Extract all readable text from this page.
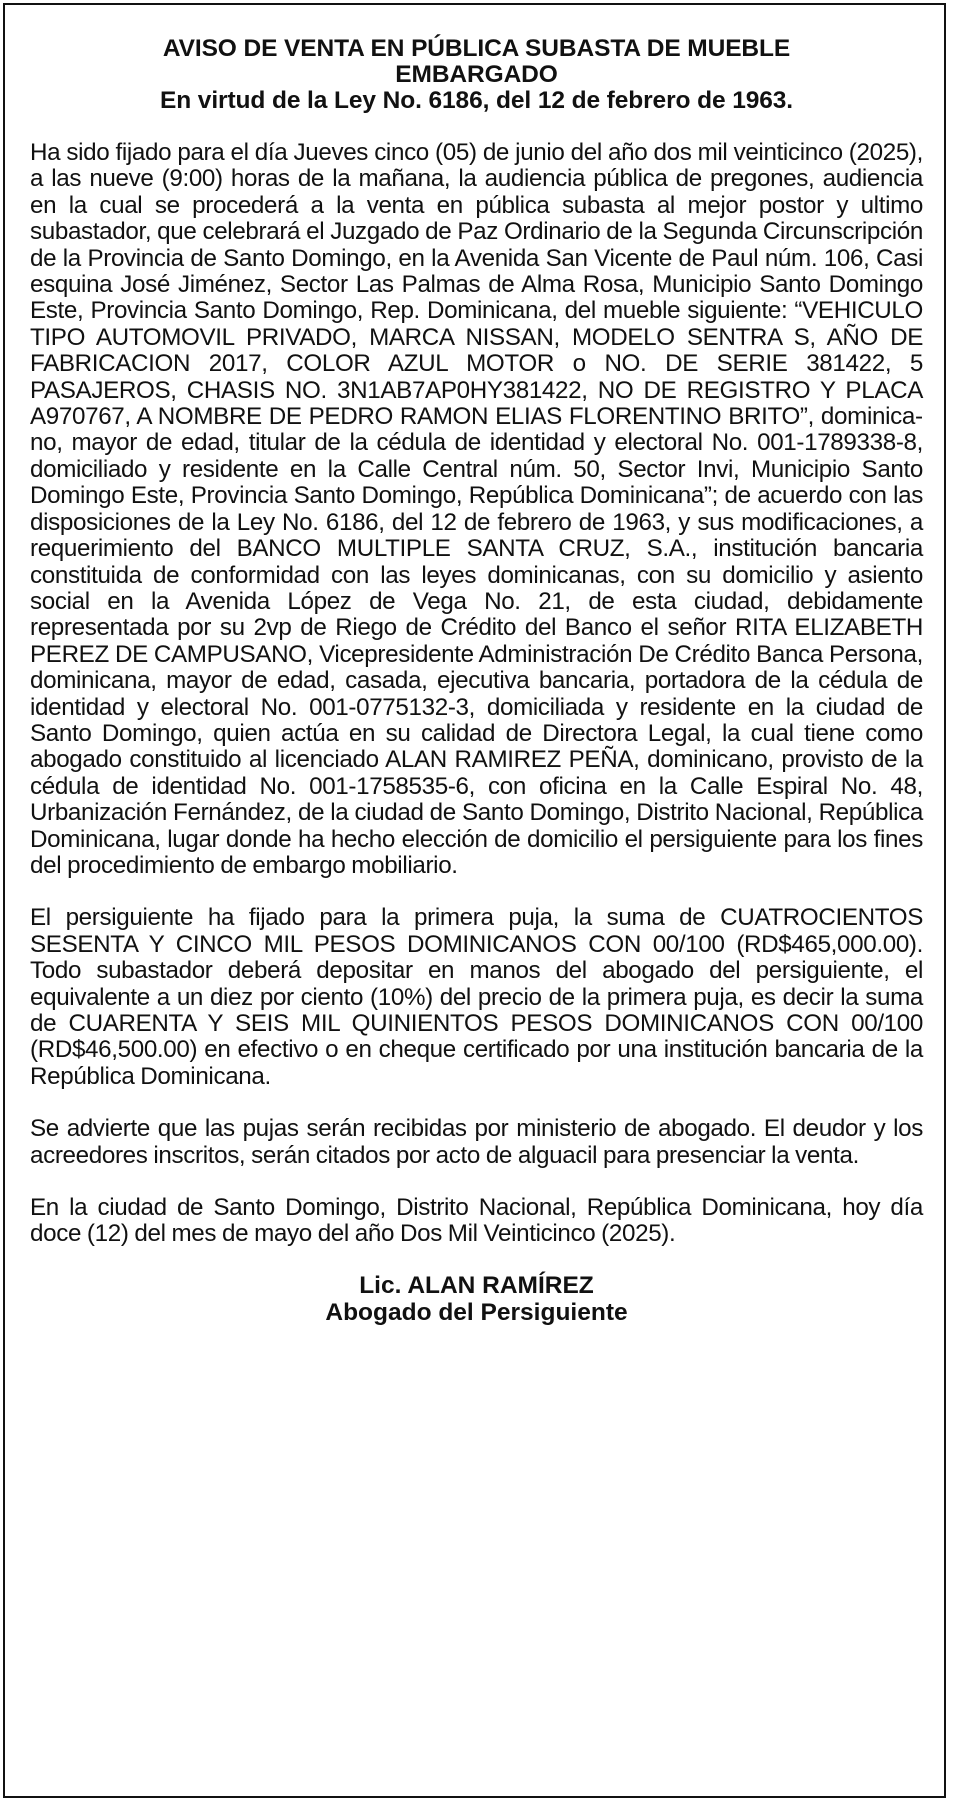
AVISO DE VENTA EN PÚBLICA SUBASTA DE MUEBLE
EMBARGADO
En virtud de la Ley No. 6186, del 12 de febrero de 1963.

Ha sido fijado para el día Jueves cinco (05) de junio del año dos mil veinticinco (2025), a las nueve (9:00) horas de la mañana, la audiencia pública de pregones, audiencia en la cual se procederá a la venta en pública subasta al mejor postor y ultimo subastador, que celebrará el Juzgado de Paz Ordinario de la Segunda Circunscripción de la Provincia de Santo Domingo, en la Avenida San Vicente de Paul núm. 106, Casi esquina José Jiménez, Sector Las Palmas de Alma Rosa, Municipio Santo Domingo Este, Provincia Santo Domingo, Rep. Dominicana, del mueble siguiente: “VEHICULO TIPO AUTOMOVIL PRIVADO, MARCA NISSAN, MODELO SENTRA S, AÑO DE FABRICACION 2017, COLOR AZUL MOTOR o NO. DE SERIE 381422, 5 PASAJEROS, CHASIS NO. 3N1AB7AP0HY381422, NO DE REGISTRO Y PLACA A970767, A NOMBRE DE PEDRO RAMON ELIAS FLORENTINO BRITO”, dominicano, mayor de edad, titular de la cédula de identidad y electoral No. 001-1789338-8, domiciliado y residente en la Calle Central núm. 50, Sector Invi, Municipio Santo Domingo Este, Provincia Santo Domingo, República Dominicana”; de acuerdo con las disposiciones de la Ley No. 6186, del 12 de febrero de 1963, y sus modificaciones, a requerimiento del BANCO MULTIPLE SANTA CRUZ, S.A., institución bancaria constituida de conformidad con las leyes dominicanas, con su domicilio y asiento social en la Avenida López de Vega No. 21, de esta ciudad, debidamente representada por su 2vp de Riego de Crédito del Banco el señor RITA ELIZABETH PEREZ DE CAMPUSANO, Vicepresidente Administración De Crédito Banca Persona, dominicana, mayor de edad, casada, ejecutiva bancaria, portadora de la cédula de identidad y electoral No. 001-0775132-3, domiciliada y residente en la ciudad de Santo Domingo, quien actúa en su calidad de Directora Legal, la cual tiene como abogado constituido al licenciado ALAN RAMIREZ PEÑA, dominicano, provisto de la cédula de identidad No. 001-1758535-6, con oficina en la Calle Espiral No. 48, Urbanización Fernández, de la ciudad de Santo Domingo, Distrito Nacional, República Dominicana, lugar donde ha hecho elección de domicilio el persiguiente para los fines del procedimiento de embargo mobiliario.

El persiguiente ha fijado para la primera puja, la suma de CUATROCIENTOS SESENTA Y CINCO MIL PESOS DOMINICANOS CON 00/100 (RD$465,000.00). Todo subastador deberá depositar en manos del abogado del persiguiente, el equivalente a un diez por ciento (10%) del precio de la primera puja, es decir la suma de CUARENTA Y SEIS MIL QUINIENTOS PESOS DOMINICANOS CON 00/100 (RD$46,500.00) en efectivo o en cheque certificado por una institución bancaria de la República Dominicana.

Se advierte que las pujas serán recibidas por ministerio de abogado. El deudor y los acreedores inscritos, serán citados por acto de alguacil para presenciar la venta.

En la ciudad de Santo Domingo, Distrito Nacional, República Dominicana, hoy día doce (12) del mes de mayo del año Dos Mil Veinticinco (2025).

Lic. ALAN RAMÍREZ
Abogado del Persiguiente
